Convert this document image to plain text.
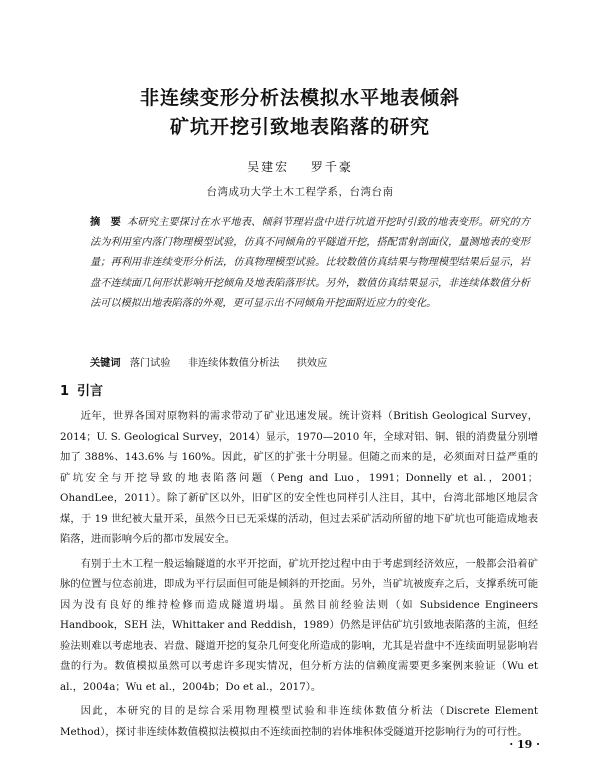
非连续变形分析法模拟水平地表倾斜
矿坑开挖引致地表陷落的研究
吴建宏 罗千豪
台湾成功大学土木工程学系，台湾台南
摘　要 本研究主要探讨在水平地表、倾斜节理岩盘中进行坑道开挖时引致的地表变形。研究的方法为利用室内落门物理模型试验，仿真不同倾角的平隧道开挖，搭配雷射剖面仪，量测地表的变形量；再利用非连续变形分析法，仿真物理模型试验。比较数值仿真结果与物理模型结果后显示，岩盘不连续面几何形状影响开挖倾角及地表陷落形状。另外，数值仿真结果显示，非连续体数值分析法可以模拟出地表陷落的外观，更可显示出不同倾角开挖面附近应力的变化。
关键词 落门试验 非连续体数值分析法 拱效应
1 引言

近年，世界各国对原物料的需求带动了矿业迅速发展。统计资料（British Geological Survey，2014；U. S. Geological Survey，2014）显示，1970—2010 年，全球对铝、铜、银的消费量分别增加了 388%、143.6% 与 160%。因此，矿区的扩张十分明显。但随之而来的是，必须面对日益严重的矿坑安全与开挖导致的地表陷落问题（Peng and Luo，1991；Donnelly et al.，2001；OhandLee，2011）。除了新矿区以外，旧矿区的安全性也同样引人注目，其中，台湾北部地区地层含煤，于 19 世纪被大量开采，虽然今日已无采煤的活动，但过去采矿活动所留的地下矿坑也可能造成地表陷落，进而影响今后的都市发展安全。

有别于土木工程一般运输隧道的水平开挖面，矿坑开挖过程中由于考虑到经济效应，一般都会沿着矿脉的位置与位态前进，即成为平行层面但可能是倾斜的开挖面。另外，当矿坑被废弃之后，支撑系统可能因为没有良好的维持检修而造成隧道坍塌。虽然目前经验法则（如 Subsidence Engineers Handbook，SEH 法，Whittaker and Reddish，1989）仍然是评估矿坑引致地表陷落的主流，但经验法则难以考虑地表、岩盘、隧道开挖的复杂几何变化所造成的影响，尤其是岩盘中不连续面明显影响岩盘的行为。数值模拟虽然可以考虑许多现实情况，但分析方法的信赖度需要更多案例来验证（Wu et al.，2004a；Wu et al.，2004b；Do et al.，2017）。

因此，本研究的目的是综合采用物理模型试验和非连续体数值分析法（Discrete Element Method），探讨非连续体数值模拟法模拟由不连续面控制的岩体堆积体受隧道开挖影响行为的可行性。

· 19 ·
